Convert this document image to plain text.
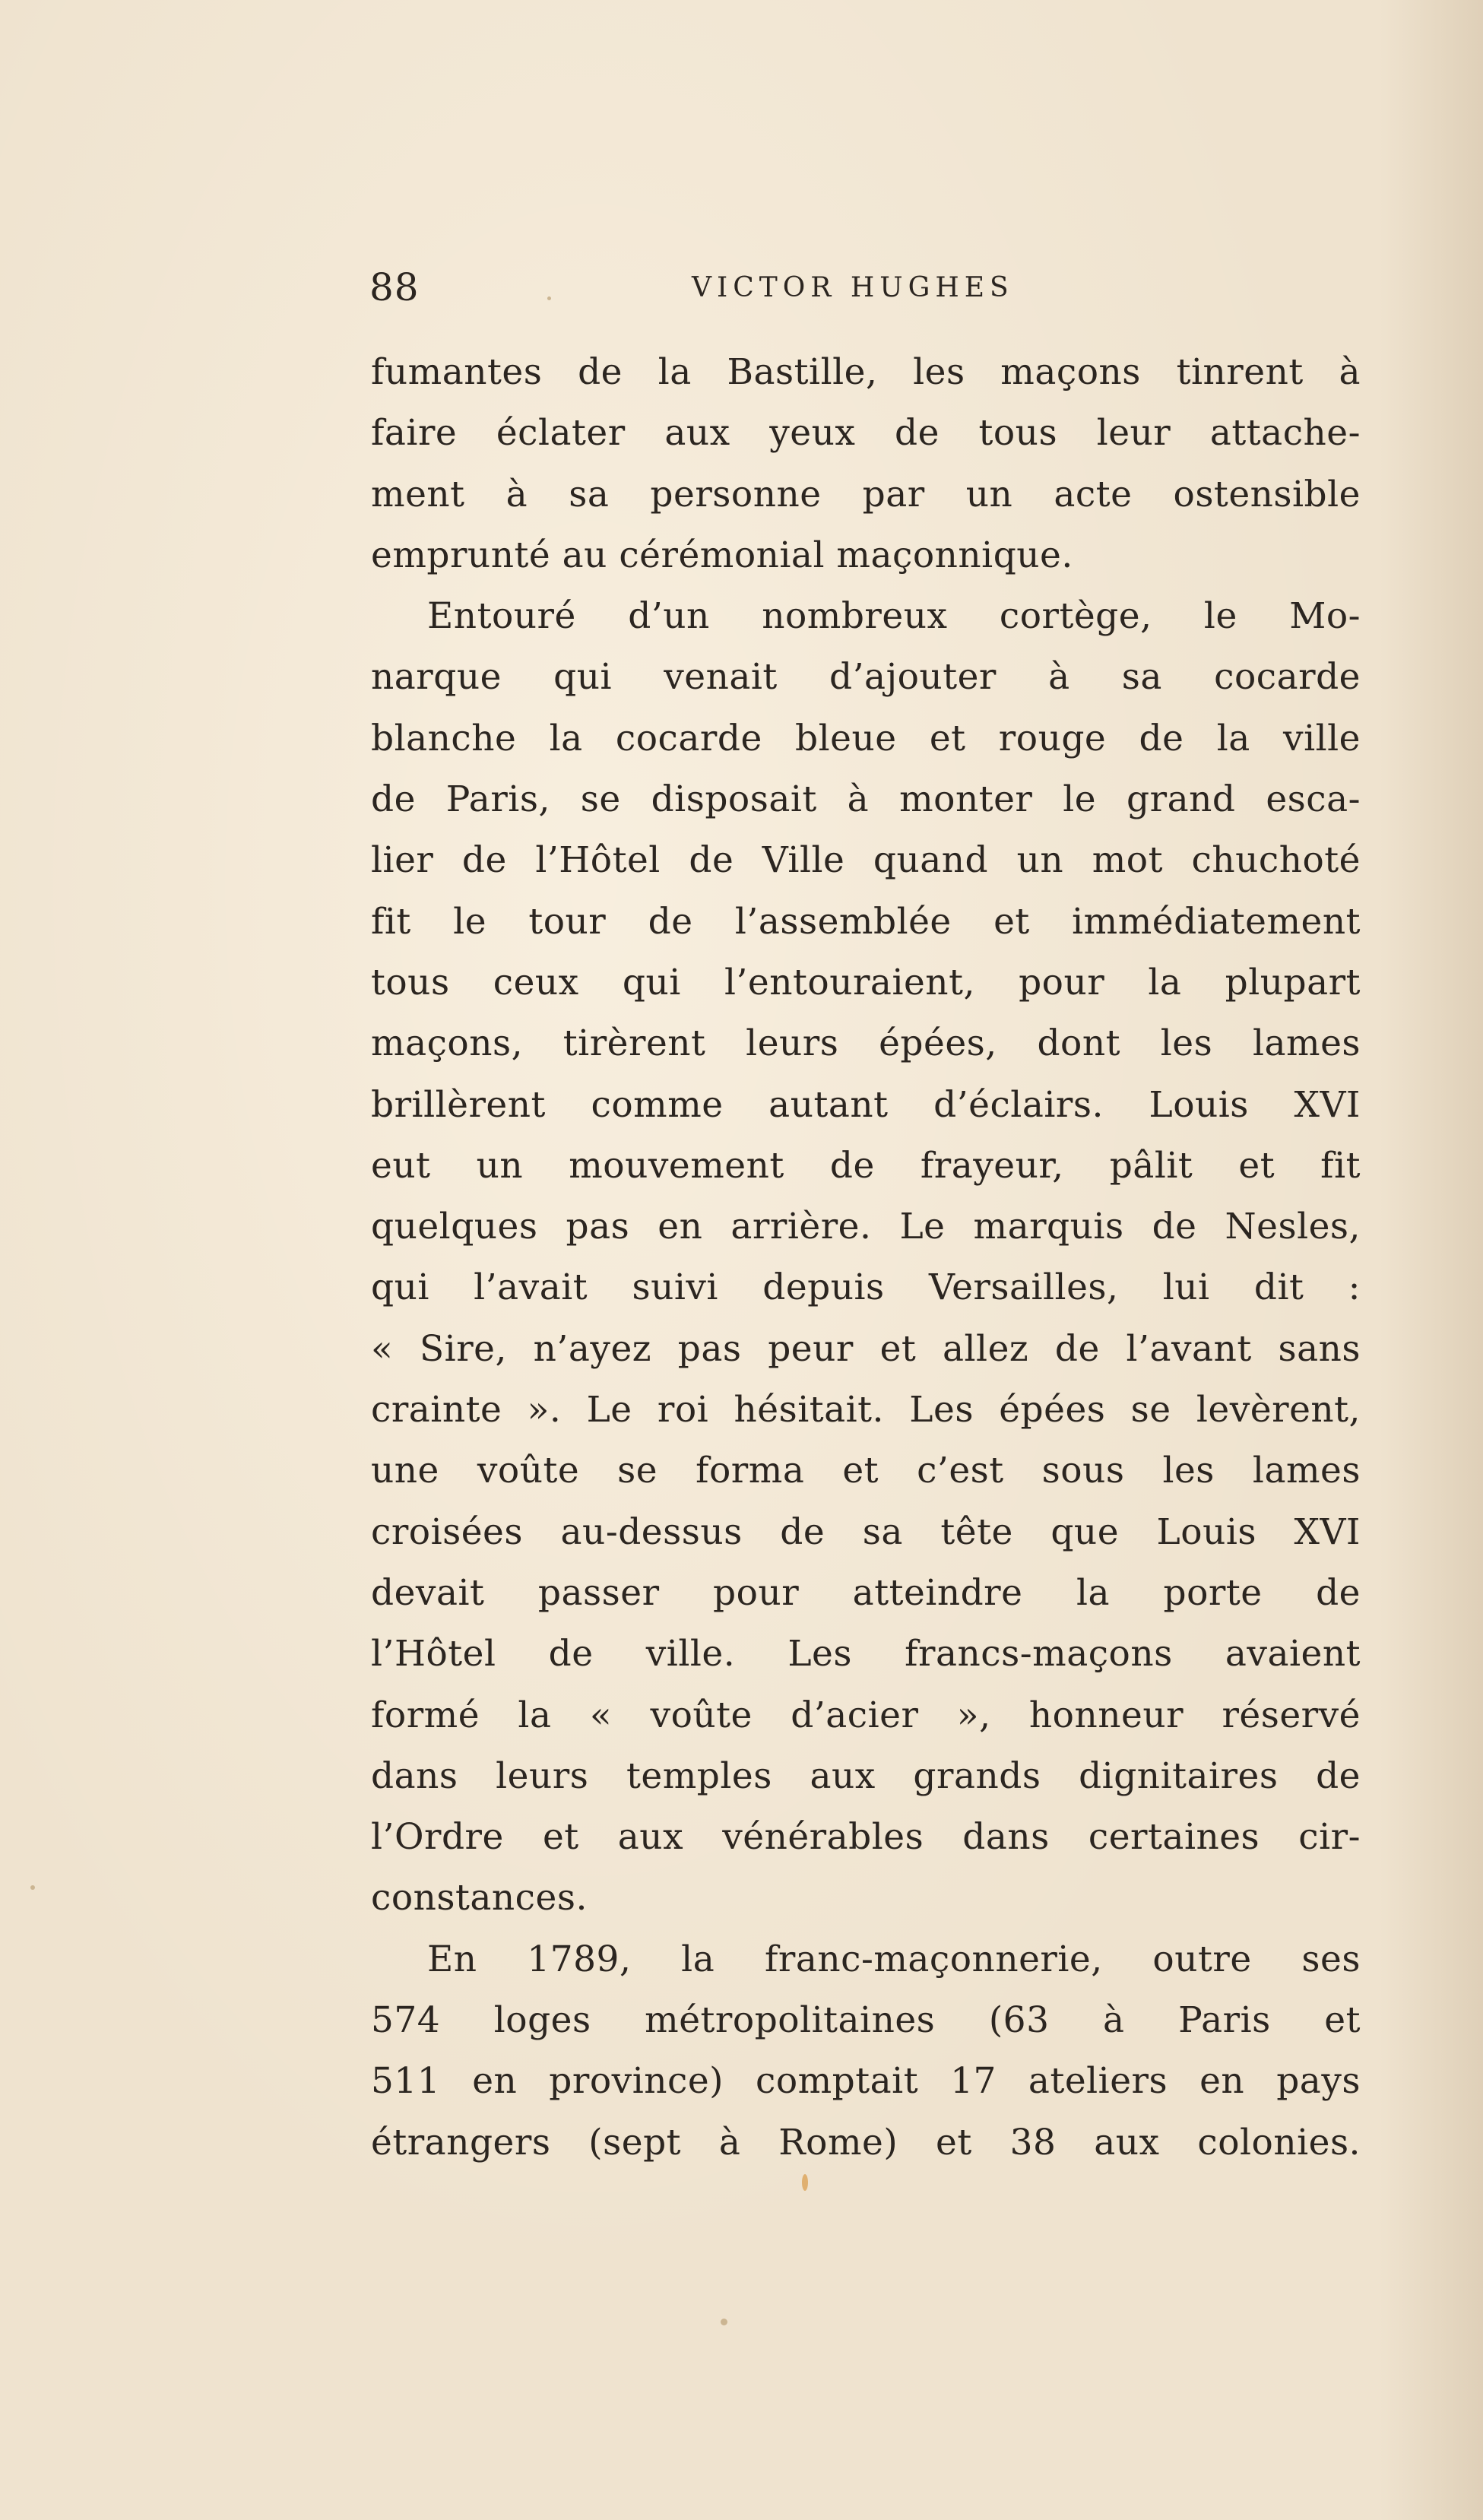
88	VICTOR HUGHES
fumantes de la Bastille, les maçons tinrent à
faire éclater aux yeux de tous leur attache-
ment à sa personne par un acte ostensible
emprunté au cérémonial maçonnique.
Entouré d’un nombreux cortège, le Mo-
narque qui venait d’ajouter à sa cocarde
blanche la cocarde bleue et rouge de la ville
de Paris, se disposait à monter le grand esca-
lier de l’Hôtel de Ville quand un mot chuchoté
fit le tour de l’assemblée et immédiatement
tous ceux qui l’entouraient, pour la plupart
maçons, tirèrent leurs épées, dont les lames
brillèrent comme autant d’éclairs. Louis XVI
eut un mouvement de frayeur, pâlit et fit
quelques pas en arrière. Le marquis de Nesles,
qui l’avait suivi depuis Versailles, lui dit :
« Sire, n’ayez pas peur et allez de l’avant sans
crainte ». Le roi hésitait. Les épées se levèrent,
une voûte se forma et c’est sous les lames
croisées au-dessus de sa tête que Louis XVI
devait passer pour atteindre la porte de
l’Hôtel de ville. Les francs-maçons avaient
formé la « voûte d’acier », honneur réservé
dans leurs temples aux grands dignitaires de
l’Ordre et aux vénérables dans certaines cir-
constances.
En 1789, la franc-maçonnerie, outre ses
574 loges métropolitaines (63 à Paris et
511 en province) comptait 17 ateliers en pays
étrangers (sept à Rome) et 38 aux colonies.
